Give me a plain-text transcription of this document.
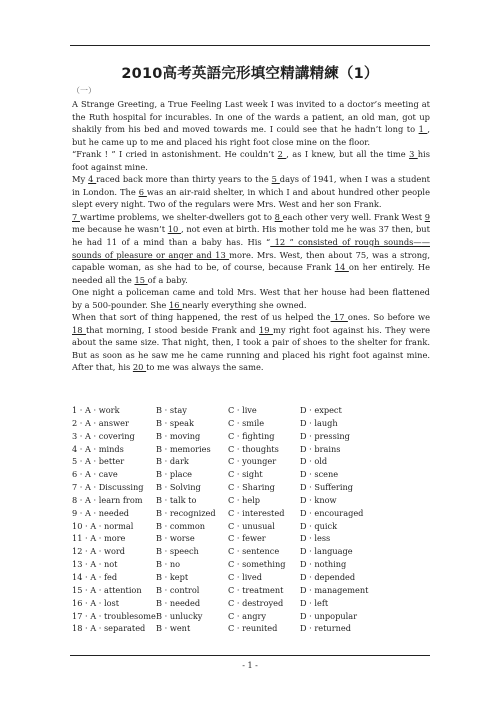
2010高考英語完形填空精講精練（1）
（一）

A Strange Greeting, a True Feeling Last week I was invited to a doctor’s meeting at the Ruth hospital for incurables. In one of the wards a patient, an old man, got up shakily from his bed and moved towards me. I could see that he hadn’t long to 1 , but he came up to me and placed his right foot close mine on the floor.

“Frank ! ” I cried in astonishment. He couldn’t 2 , as I knew, but all the time 3 his foot against mine.

My 4 raced back more than thirty years to the 5 days of 1941, when I was a student in London. The 6 was an air-raid shelter, in which I and about hundred other people slept every night. Two of the regulars were Mrs. West and her son Frank.

7 wartime problems, we shelter-dwellers got to 8 each other very well. Frank West 9 me because he wasn’t 10 , not even at birth. His mother told me he was 37 then, but he had 11 of a mind than a baby has. His “ 12 ” consisted of rough sounds——sounds of pleasure or anger and 13 more. Mrs. West, then about 75, was a strong, capable woman, as she had to be, of course, because Frank 14 on her entirely. He needed all the 15 of a baby.

One night a policeman came and told Mrs. West that her house had been flattened by a 500-pounder. She 16 nearly everything she owned.

When that sort of thing happened, the rest of us helped the 17 ones. So before we 18 that morning, I stood beside Frank and 19 my right foot against his. They were about the same size. That night, then, I took a pair of shoes to the shelter for frank. But as soon as he saw me he came running and placed his right foot against mine. After that, his 20 to me was always the same.

1 · A · work	B · stay	C · live	D · expect
2 · A · answer	B · speak	C · smile	D · laugh
3 · A · covering	B · moving	C · fighting	D · pressing
4 · A · minds	B · memories C · thoughts	D · brains
5 · A · better	B · dark	C · younger	D · old
6 · A · cave	B · place	C · sight	D · scene
7 · A · Discussing B · Solving	C · Sharing	D · Suffering
8 · A · learn from B · talk to	C · help	D · know
9 · A · needed	B · recognized C · interested D · encouraged
10 · A · normal	B · common	C · unusual	D · quick
11 · A · more	B · worse	C · fewer	D · less
12 · A · word	B · speech	C · sentence	D · language
13 · A · not	B · no	C · something D · nothing
14 · A · fed	B · kept	C · lived	D · depended
15 · A · attention B · control	C · treatment D · management
16 · A · lost	B · needed	C · destroyed D · left
17 · A · troublesome B · unlucky	C · angry	D · unpopular
18 · A · separated B · went	C · reunited	D · returned
- 1 -
